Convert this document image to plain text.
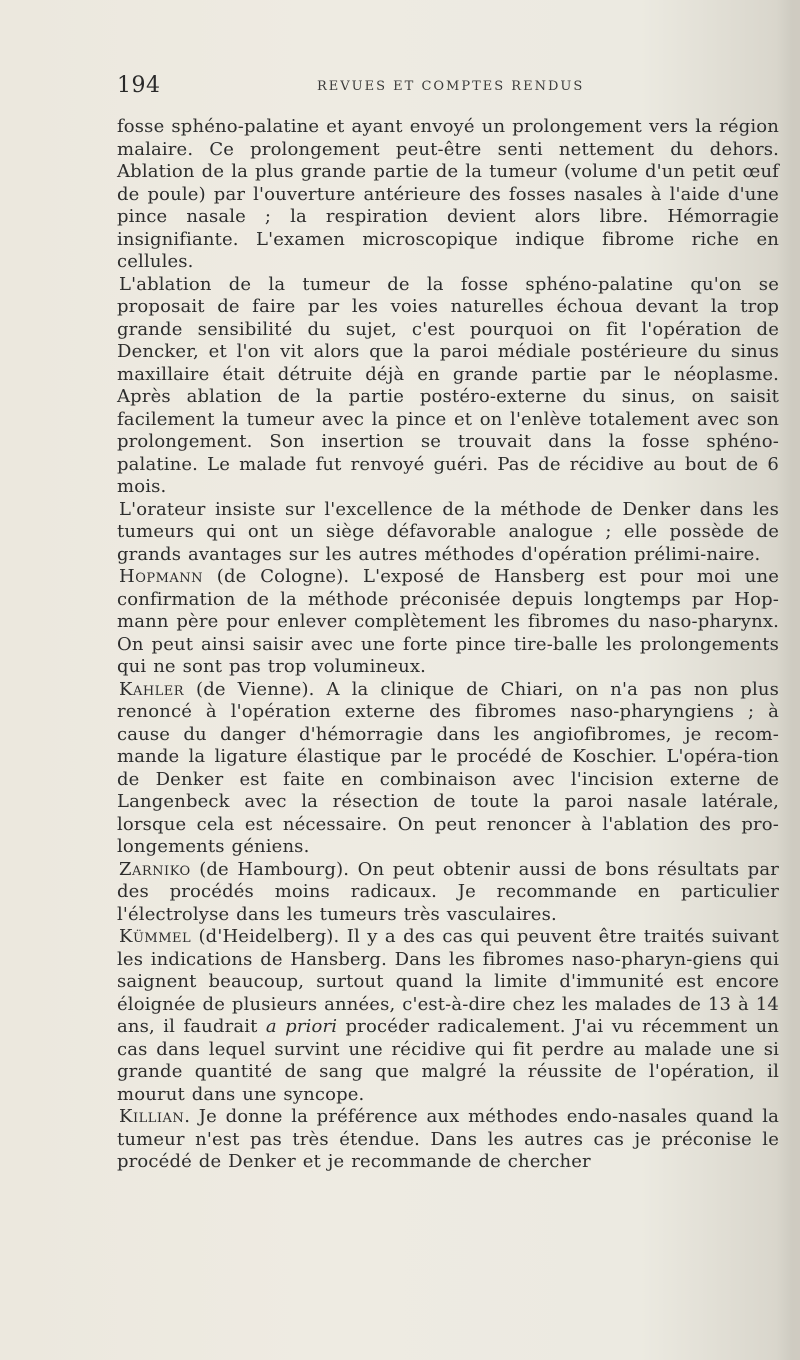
194	REVUES ET COMPTES RENDUS

fosse sphéno-palatine et ayant envoyé un prolongement vers la région malaire. Ce prolongement peut-être senti nettement du dehors. Ablation de la plus grande partie de la tumeur (volume d'un petit œuf de poule) par l'ouverture antérieure des fosses nasales à l'aide d'une pince nasale ; la respiration devient alors libre. Hémorragie insignifiante. L'examen microscopique indique fibrome riche en cellules.

L'ablation de la tumeur de la fosse sphéno-palatine qu'on se proposait de faire par les voies naturelles échoua devant la trop grande sensibilité du sujet, c'est pourquoi on fit l'opération de Dencker, et l'on vit alors que la paroi médiale postérieure du sinus maxillaire était détruite déjà en grande partie par le néoplasme. Après ablation de la partie postéro-externe du sinus, on saisit facilement la tumeur avec la pince et on l'enlève totalement avec son prolongement. Son insertion se trouvait dans la fosse sphéno-palatine. Le malade fut renvoyé guéri. Pas de récidive au bout de 6 mois.

L'orateur insiste sur l'excellence de la méthode de Denker dans les tumeurs qui ont un siège défavorable analogue ; elle possède de grands avantages sur les autres méthodes d'opération prélimi-naire.

Hopmann (de Cologne). L'exposé de Hansberg est pour moi une confirmation de la méthode préconisée depuis longtemps par Hop-mann père pour enlever complètement les fibromes du naso-pharynx. On peut ainsi saisir avec une forte pince tire-balle les prolongements qui ne sont pas trop volumineux.

Kahler (de Vienne). A la clinique de Chiari, on n'a pas non plus renoncé à l'opération externe des fibromes naso-pharyngiens ; à cause du danger d'hémorragie dans les angiofibromes, je recom-mande la ligature élastique par le procédé de Koschier. L'opéra-tion de Denker est faite en combinaison avec l'incision externe de Langenbeck avec la résection de toute la paroi nasale latérale, lorsque cela est nécessaire. On peut renoncer à l'ablation des pro-longements géniens.

Zarniko (de Hambourg). On peut obtenir aussi de bons résultats par des procédés moins radicaux. Je recommande en particulier l'électrolyse dans les tumeurs très vasculaires.

Kümmel (d'Heidelberg). Il y a des cas qui peuvent être traités suivant les indications de Hansberg. Dans les fibromes naso-pharyn-giens qui saignent beaucoup, surtout quand la limite d'immunité est encore éloignée de plusieurs années, c'est-à-dire chez les malades de 13 à 14 ans, il faudrait a priori procéder radicalement. J'ai vu récemment un cas dans lequel survint une récidive qui fit perdre au malade une si grande quantité de sang que malgré la réussite de l'opération, il mourut dans une syncope.

Killian. Je donne la préférence aux méthodes endo-nasales quand la tumeur n'est pas très étendue. Dans les autres cas je préconise le procédé de Denker et je recommande de chercher
